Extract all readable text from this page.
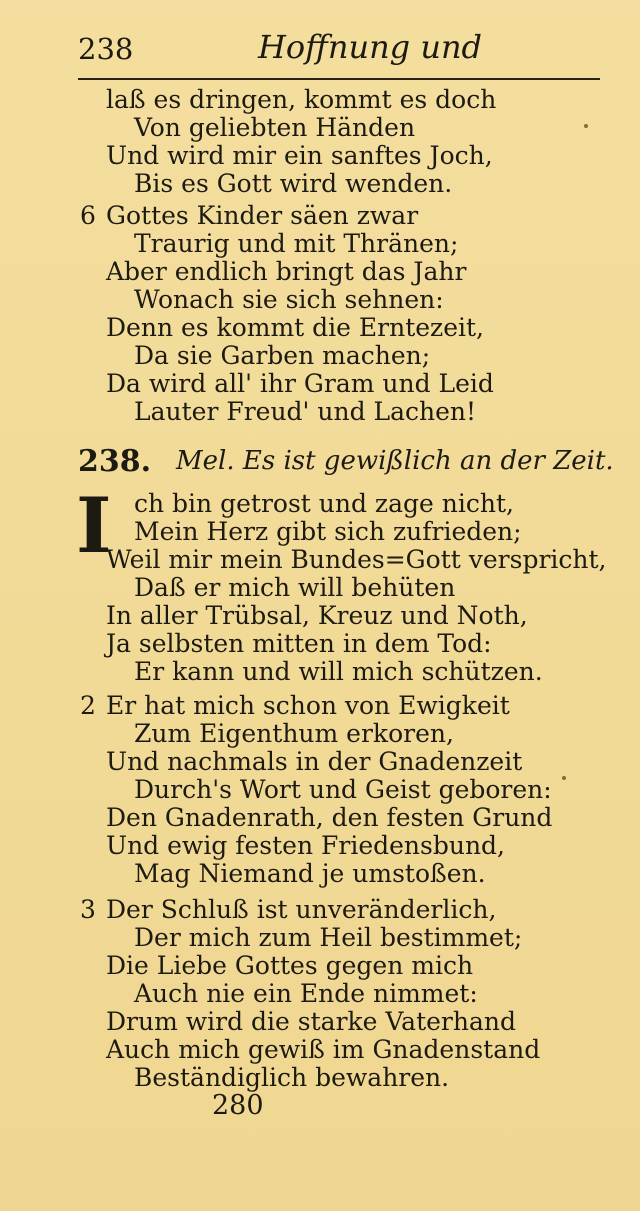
238	Hoffnung und
laß es dringen, kommt es doch
Von geliebten Händen
Und wird mir ein sanftes Joch,
Bis es Gott wird wenden.
6 Gottes Kinder säen zwar
Traurig und mit Thränen;
Aber endlich bringt das Jahr
Wonach sie sich sehnen:
Denn es kommt die Erntezeit,
Da sie Garben machen;
Da wird all' ihr Gram und Leid
Lauter Freud' und Lachen!
238. Mel. Es ist gewißlich an der Zeit.
I ch bin getrost und zage nicht,
Mein Herz gibt sich zufrieden;
Weil mir mein Bundes=Gott verspricht,
Daß er mich will behüten
In aller Trübsal, Kreuz und Noth,
Ja selbsten mitten in dem Tod:
Er kann und will mich schützen.
2 Er hat mich schon von Ewigkeit
Zum Eigenthum erkoren,
Und nachmals in der Gnadenzeit
Durch's Wort und Geist geboren:
Den Gnadenrath, den festen Grund
Und ewig festen Friedensbund,
Mag Niemand je umstoßen.
3 Der Schluß ist unveränderlich,
Der mich zum Heil bestimmet;
Die Liebe Gottes gegen mich
Auch nie ein Ende nimmet:
Drum wird die starke Vaterhand
Auch mich gewiß im Gnadenstand
Beständiglich bewahren.
280
